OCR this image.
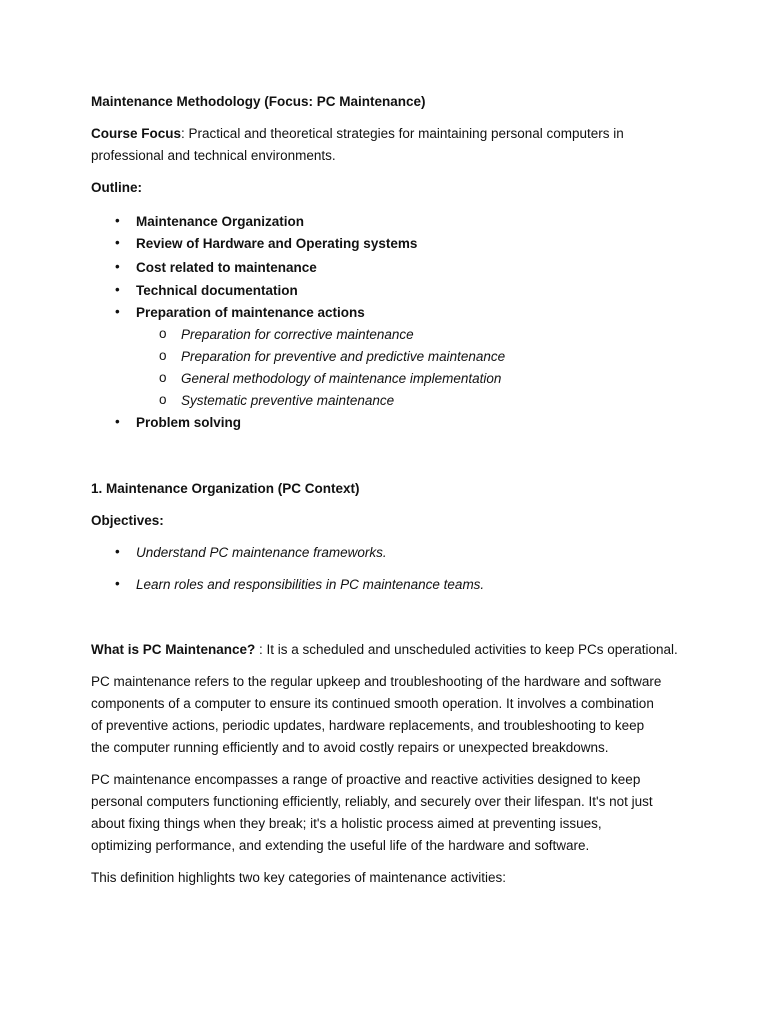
Maintenance Methodology (Focus: PC Maintenance)

Course Focus: Practical and theoretical strategies for maintaining personal computers in
professional and technical environments.

Outline:

• Maintenance Organization
• Review of Hardware and Operating systems
• Cost related to maintenance
• Technical documentation
• Preparation of maintenance actions
o Preparation for corrective maintenance
o Preparation for preventive and predictive maintenance
o General methodology of maintenance implementation
o Systematic preventive maintenance
• Problem solving

1. Maintenance Organization (PC Context)

Objectives:

• Understand PC maintenance frameworks.
• Learn roles and responsibilities in PC maintenance teams.

What is PC Maintenance? : It is a scheduled and unscheduled activities to keep PCs operational.

PC maintenance refers to the regular upkeep and troubleshooting of the hardware and software
components of a computer to ensure its continued smooth operation. It involves a combination
of preventive actions, periodic updates, hardware replacements, and troubleshooting to keep
the computer running efficiently and to avoid costly repairs or unexpected breakdowns.
PC maintenance encompasses a range of proactive and reactive activities designed to keep
personal computers functioning efficiently, reliably, and securely over their lifespan. It's not just
about fixing things when they break; it's a holistic process aimed at preventing issues,
optimizing performance, and extending the useful life of the hardware and software.

This definition highlights two key categories of maintenance activities:
